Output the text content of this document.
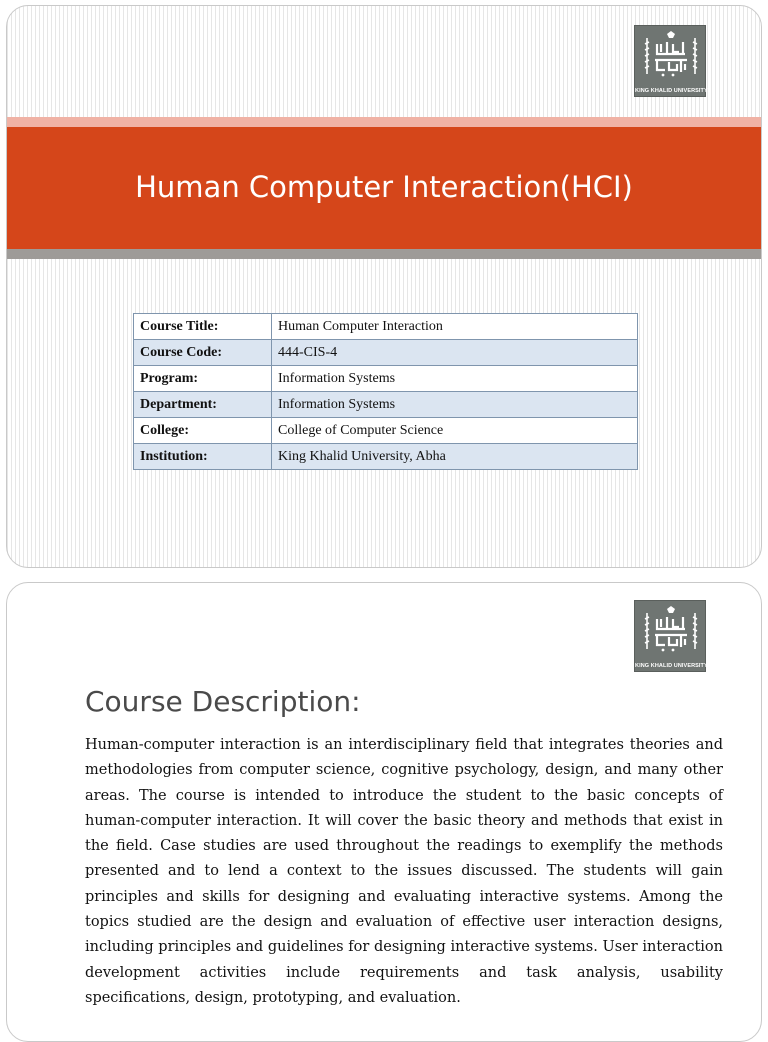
KING KHALID UNIVERSITY
Human Computer Interaction(HCI)
Course Title:	Human Computer Interaction
Course Code:	444-CIS-4
Program:	Information Systems
Department:	Information Systems
College:	College of Computer Science
Institution:	King Khalid University, Abha
KING KHALID UNIVERSITY
Course Description:

Human-computer interaction is an interdisciplinary field that integrates theories and methodologies from computer science, cognitive psychology, design, and many other areas. The course is intended to introduce the student to the basic concepts of human-computer interaction. It will cover the basic theory and methods that exist in the field. Case studies are used throughout the readings to exemplify the methods presented and to lend a context to the issues discussed. The students will gain principles and skills for designing and evaluating interactive systems. Among the topics studied are the design and evaluation of effective user interaction designs, including principles and guidelines for designing interactive systems. User interaction development activities include requirements and task analysis, usability specifications, design, prototyping, and evaluation.
